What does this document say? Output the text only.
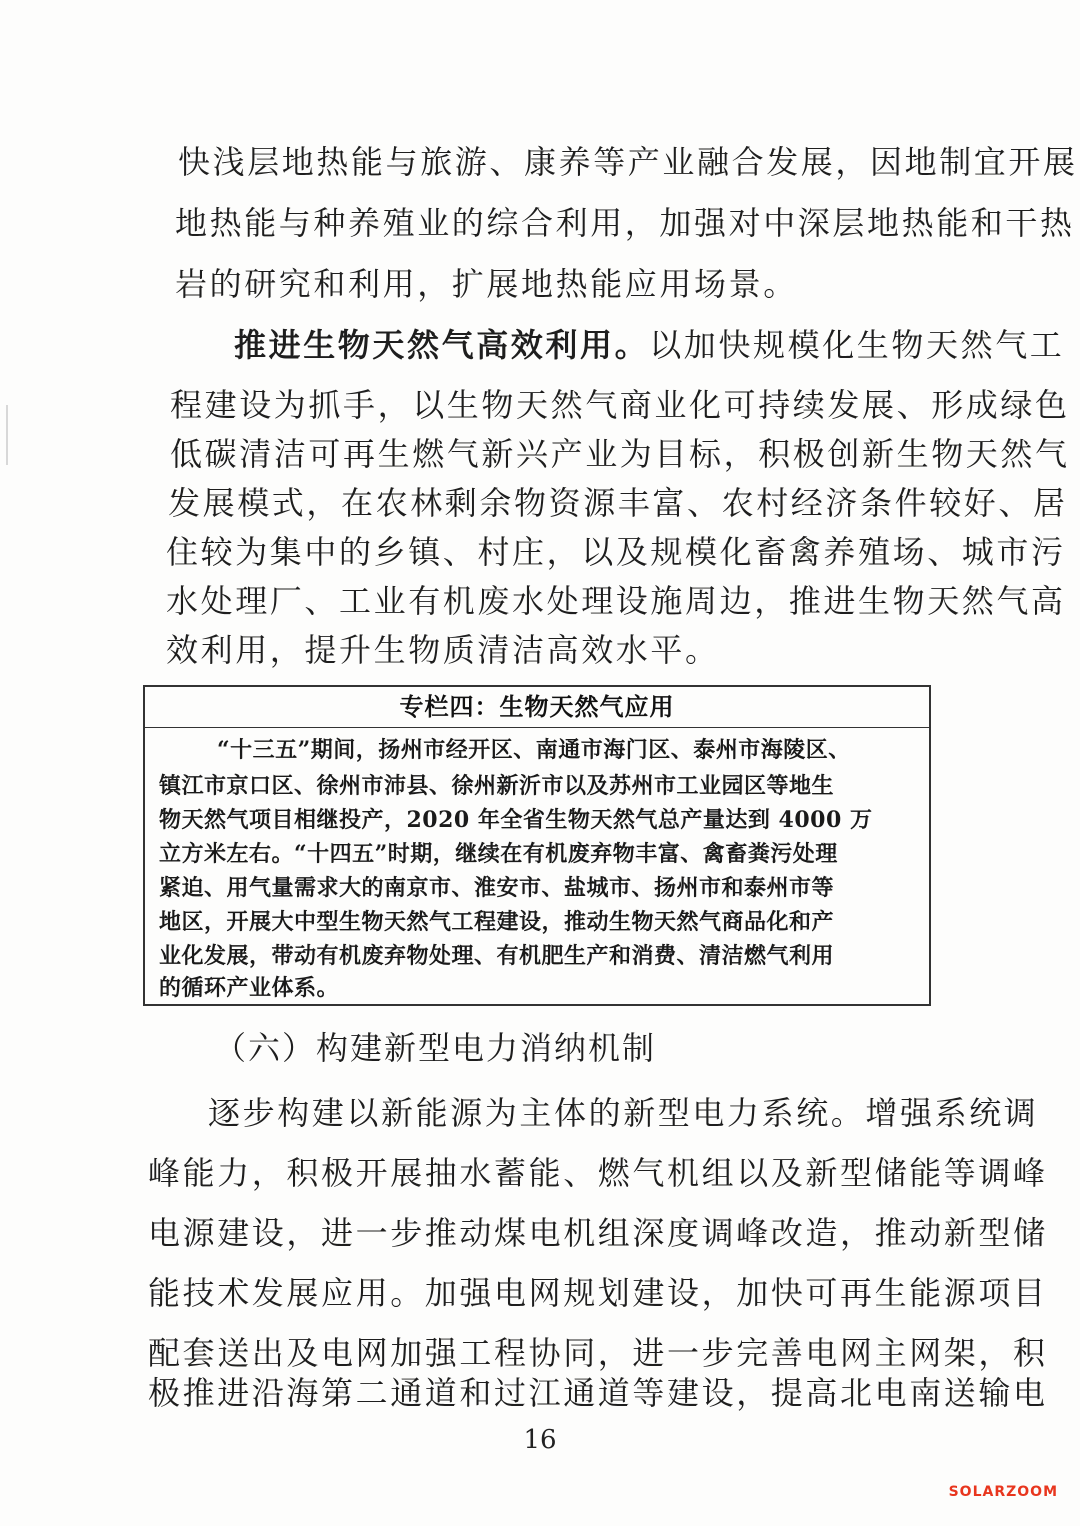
快浅层地热能与旅游、康养等产业融合发展，因地制宜开展
地热能与种养殖业的综合利用，加强对中深层地热能和干热
岩的研究和利用，扩展地热能应用场景。
推进生物天然气高效利用。以加快规模化生物天然气工
程建设为抓手，以生物天然气商业化可持续发展、形成绿色
低碳清洁可再生燃气新兴产业为目标，积极创新生物天然气
发展模式，在农林剩余物资源丰富、农村经济条件较好、居
住较为集中的乡镇、村庄，以及规模化畜禽养殖场、城市污
水处理厂、工业有机废水处理设施周边，推进生物天然气高
专栏四：生物天然气应用
“十三五”期间，扬州市经开区、南通市海门区、泰州市海陵区、
镇江市京口区、徐州市沛县、徐州新沂市以及苏州市工业园区等地生
物天然气项目相继投产，2020 年全省生物天然气总产量达到 4000 万
立方米左右。“十四五”时期，继续在有机废弃物丰富、禽畜粪污处理
紧迫、用气量需求大的南京市、淮安市、盐城市、扬州市和泰州市等
地区，开展大中型生物天然气工程建设，推动生物天然气商品化和产
业化发展，带动有机废弃物处理、有机肥生产和消费、清洁燃气利用
的循环产业体系。
（六）构建新型电力消纳机制
逐步构建以新能源为主体的新型电力系统。增强系统调
峰能力，积极开展抽水蓄能、燃气机组以及新型储能等调峰
电源建设，进一步推动煤电机组深度调峰改造，推动新型储
能技术发展应用。加强电网规划建设，加快可再生能源项目
配套送出及电网加强工程协同，进一步完善电网主网架，积
16
SOLARZOOM
效利用，提升生物质清洁高效水平。
极推进沿海第二通道和过江通道等建设，提高北电南送输电
